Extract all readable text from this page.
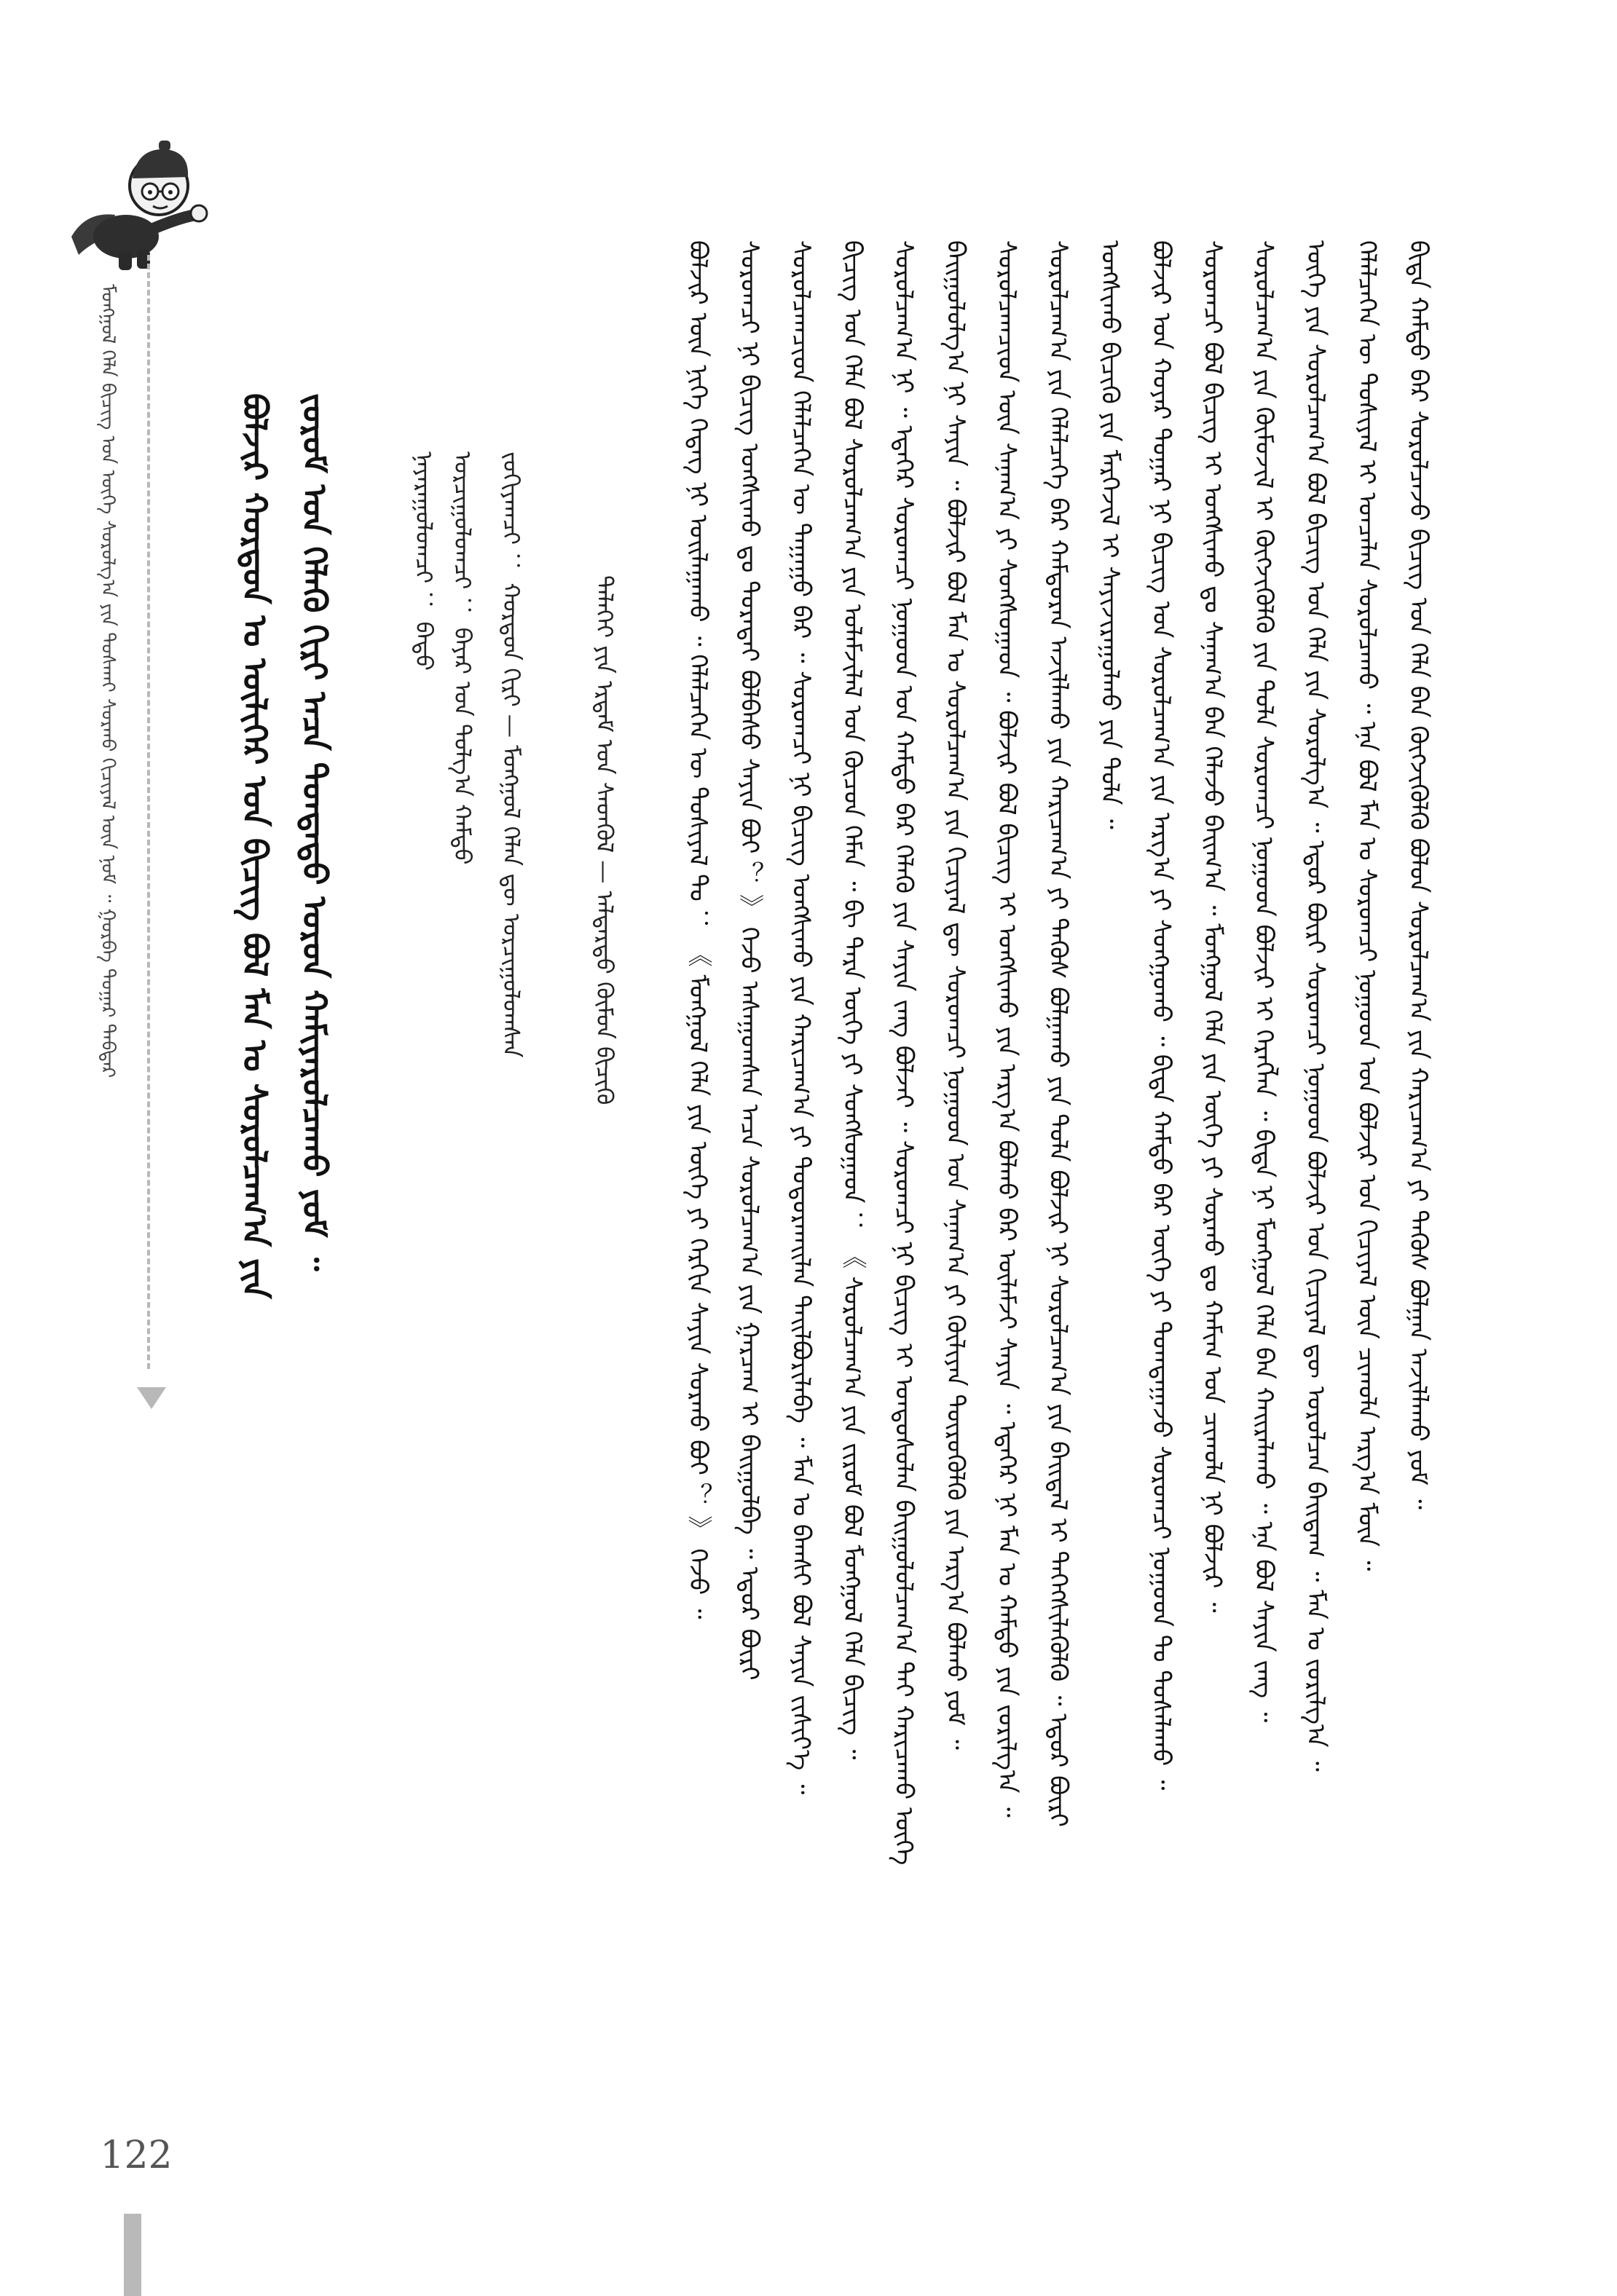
ᠮᠣᠩᠭᠣᠯ ᠬᠡᠯᠡ ᠪᠢᠴᠢᠭ ᠤᠨ ᠦᠭᠡ ᠰᠤᠷᠤᠯᠭ᠎ᠠ ᠶᠢᠨ ᠲᠤᠰᠬᠠᠢ ᠰᠤᠷᠬᠤ ᠬᠢᠴᠢᠶᠡᠯ ᠦᠨ ᠨᠣᠮ ᠃ ᠭᠤᠷᠪᠠ ᠳᠤᠭᠠᠷ ᠳᠡᠪᠲᠡᠷ	ᠪᠣᠯᠵᠢᠷ ᠬᠤᠷᠳᠤᠨ ᠤ ᠦᠯᠢᠭᠡᠷ ᠤᠨ ᠪᠢᠴᠢᠭ ᠪᠣᠯ ᠮᠠᠨ ᠤ ᠰᠤᠷᠤᠯᠴᠠᠭ᠎ᠠ ᠶᠢᠨ ᠵᠤᠷᠤᠮ ᠤᠨ ᠬᠡᠯᠡᠬᠦ ᠬᠢᠷᠢ ᠠᠴᠠ ᠳᠤᠨᠳᠠᠳᠤ ᠣᠷᠣᠨ ᠬᠠᠮᠢᠶᠠᠷᠤᠯᠴᠠᠬᠤ ᠶᠤᠮ ᠃	ᠨᠠᠶᠠᠷᠠᠭᠤᠯᠤᠭᠴᠢ ： ᠪᠠᠲᠤ ᠣᠷᠴᠢᠭᠤᠯᠤᠭᠴᠢ ： ᠪᠠᠶᠠᠷ ᠤᠨ ᠲᠤᠯᠭ᠎ᠠ ᠬᠠᠮᠲᠤ ᠵᠣᠬᠢᠶᠠᠭᠴᠢ ： ᠬᠤᠷᠳᠤᠨ ᠬᠢᠷᠢ — ᠮᠣᠩᠭᠣᠯ ᠬᠡᠯᠡᠨ ᠳᠦ ᠣᠷᠴᠢᠭᠤᠯᠤᠭᠰᠠᠨ	ᠳᠡᠯᠡᠬᠡᠢ ᠶᠢᠨ ᠡᠷᠳᠡᠮ ᠤᠨ ᠰᠡᠳᠬᠦᠯ — ᠠᠯᠳᠠᠷᠲᠤ ᠬᠦᠮᠦᠨ ᠪᠢᠴᠢᠬᠦ	ᠪᠣᠯᠵᠢᠷ ᠦᠨ ᠨᠢᠭᠡ ᠭᠡᠳᠡᠭ ᠨᠢ ᠣᠢᠯᠠᠭᠠᠬᠤ ᠃ ᠬᠡᠯᠡᠯᠴᠡᠭᠡᠨ ᠦ ᠲᠤᠰᠢᠶᠠᠯ ᠲᠤ ： 《 ᠮᠣᠩᠭᠣᠯ ᠬᠡᠯᠡ ᠶᠢᠨ ᠦᠭᠡ ᠶᠢ ᠬᠡᠷᠬᠢᠨ ᠰᠠᠶᠢᠨ ᠰᠤᠷᠬᠤ ᠪᠤᠢ ？ 》 ᠭᠡᠵᠦ ᠃ ᠰᠤᠷᠤᠭᠴᠢ ᠨᠢ ᠪᠢᠴᠢᠭ ᠤᠩᠰᠢᠬᠤ ᠳᠤ ᠳᠤᠷᠠᠲᠠᠢ ᠪᠣᠯᠪᠠᠰᠤ ᠰᠠᠶᠢᠨ ᠪᠤᠢ ？ 》 ᠭᠡᠵᠦ ᠠᠰᠠᠭᠤᠭᠰᠠᠨ ᠠᠴᠠ ᠰᠤᠷᠤᠯᠴᠠᠭ᠎ᠠ ᠶᠢᠨ ᠭᠠᠷᠴᠠᠭ ᠢ ᠪᠠᠢᠭᠤᠯᠪᠠ ᠃ ᠡᠳᠦᠷ ᠪᠦᠷᠢ ᠰᠤᠷᠤᠯᠴᠠᠭᠴᠢᠳ ᠬᠡᠯᠡᠯᠴᠡᠭᠡᠨ ᠦ ᠳᠠᠭᠠᠭᠤ ᠪᠡᠷ ᠃ ᠰᠤᠷᠤᠭᠴᠢ ᠨᠢ ᠪᠢᠴᠢᠭ ᠤᠩᠰᠢᠬᠤ ᠶᠢᠨ ᠬᠠᠷᠢᠴᠠᠭ᠎ᠠ ᠶᠢ ᠲᠣᠳᠣᠷᠬᠠᠢᠯᠠᠨ ᠲᠠᠢᠯᠪᠤᠷᠢᠯᠠᠪᠠ ᠃ ᠮᠠᠨ ᠤ ᠪᠠᠭᠰᠢ ᠪᠣᠯ ᠰᠠᠶᠢᠨ ᠵᠢᠱᠢᠶ᠎ᠡ ᠃ ᠪᠢᠴᠢᠭ ᠤᠨ ᠬᠡᠯᠡ ᠪᠣᠯ ᠰᠤᠷᠤᠯᠴᠠᠭ᠎ᠠ ᠶᠢᠨ ᠤᠯᠠᠮᠵᠢᠯᠠᠯ ᠤᠨ ᠬᠦᠴᠦᠨ ᠬᠡᠮᠡᠨ ᠃ ᠪᠢ ᠲᠡᠷᠡ ᠦᠭᠡ ᠶᠢ ᠰᠣᠩᠰᠣᠭᠠᠳ ： 《 ᠰᠤᠷᠤᠯᠴᠠᠭ᠎ᠠ ᠶᠢᠨ ᠵᠢᠷᠤᠮ ᠪᠣᠯ ᠮᠣᠩᠭᠣᠯ ᠬᠡᠯᠡ ᠪᠢᠴᠢᠭ ᠃ ᠰᠤᠷᠤᠯᠴᠠᠭ᠎ᠠ ᠨᠢ ᠃ ᠡᠳᠡᠭᠡᠷ ᠰᠤᠷᠤᠭᠴᠢ ᠨᠤᠭᠤᠳ ᠤᠨ ᠬᠠᠮᠲᠤ ᠪᠡᠷ ᠬᠡᠯᠡᠬᠦ ᠶᠢᠨ ᠰᠠᠶᠢᠨ ᠵᠠᠩ ᠪᠣᠯᠵᠠᠢ ᠃ ᠰᠤᠷᠤᠭᠴᠢ ᠨᠢ ᠪᠢᠴᠢᠭ ᠢ ᠤᠨᠳᠤᠰᠤᠯᠠᠨ ᠪᠠᠢᠭᠤᠯᠤᠯᠴᠠᠭ᠎ᠠ ᠲᠠᠢ ᠬᠠᠷᠢᠴᠠᠬᠤ ᠦᠭᠡ ᠪᠠᠢᠭᠤᠯᠤᠯᠭ᠎ᠠ ᠨᠢ ᠰᠠᠶᠢᠨ ᠃ ᠪᠣᠯᠵᠢᠷ ᠪᠣᠯ ᠮᠠᠨ ᠤ ᠰᠤᠷᠤᠯᠴᠠᠭ᠎ᠠ ᠶᠢᠨ ᠬᠢᠴᠢᠶᠡᠯ ᠳᠦ ᠰᠤᠷᠤᠭᠴᠢ ᠨᠤᠭᠤᠳ ᠤᠨ ᠰᠠᠨᠠᠭ᠎ᠠ ᠶᠢ ᠬᠦᠯᠢᠶᠡᠨ ᠲᠦᠷᠦᠭᠦᠯᠬᠦ ᠶᠢᠨ ᠠᠷᠭ᠎ᠠ ᠪᠣᠯᠬᠤ ᠶᠤᠮ ᠃ ᠰᠤᠷᠤᠯᠴᠠᠭᠴᠢᠳ ᠦᠨ ᠰᠠᠨᠠᠭ᠎ᠠ ᠶᠢ ᠰᠣᠩᠰᠣᠭᠠᠳ ᠃ ᠪᠣᠯᠵᠢᠷ ᠪᠣᠯ ᠪᠢᠴᠢᠭ ᠢ ᠤᠩᠰᠢᠬᠤ ᠶᠢᠨ ᠠᠷᠭ᠎ᠠ ᠪᠣᠯᠬᠤ ᠪᠠᠷ ᠦᠯᠡᠮᠵᠢ ᠰᠠᠶᠢᠨ ᠃ ᠡᠳᠡᠭᠡᠷ ᠨᠢ ᠮᠠᠨ ᠤ ᠬᠠᠮᠲᠤ ᠶᠢᠨ ᠵᠣᠷᠢᠯᠭ᠎ᠠ ᠃ ᠰᠤᠷᠤᠯᠴᠠᠭ᠎ᠠ ᠶᠢᠨ ᠬᠡᠯᠡᠯᠴᠡᠭᠡ ᠪᠡᠷ ᠬᠠᠮᠲᠤᠷᠠᠨ ᠠᠵᠢᠯᠯᠠᠬᠤ ᠶᠢᠨ ᠬᠠᠷᠢᠴᠠᠭ᠎ᠠ ᠶᠢ ᠲᠡᠭᠦᠰ ᠪᠣᠯᠭᠠᠬᠤ ᠶᠢᠨ ᠲᠤᠯᠠ ᠪᠣᠯᠵᠢᠷ ᠨᠢ ᠰᠤᠷᠤᠯᠴᠠᠭ᠎ᠠ ᠶᠢᠨ ᠪᠠᠢᠳᠠᠯ ᠢ ᠳᠡᠭᠡᠭᠰᠢᠯᠡᠭᠦᠯᠬᠦ ᠃ ᠡᠳᠦᠷ ᠪᠦᠷᠢ ᠤᠩᠰᠢᠬᠤ ᠪᠢᠴᠢᠬᠦ ᠶᠢᠨ ᠮᠡᠷᠭᠡᠵᠢᠯ ᠢ ᠰᠠᠶᠢᠵᠢᠷᠠᠭᠤᠯᠬᠤ ᠶᠢᠨ ᠲᠤᠯᠠ ᠃ ᠪᠣᠯᠵᠢᠷ ᠤᠨ ᠬᠣᠶᠠᠷ ᠳᠤᠭᠠᠷ ᠨᠢ ᠪᠢᠴᠢᠭ ᠤᠨ ᠰᠤᠷᠤᠯᠴᠠᠭ᠎ᠠ ᠶᠢᠨ ᠠᠷᠭ᠎ᠠ ᠶᠢ ᠰᠣᠩᠭᠣᠬᠤ ᠃ ᠪᠢᠳᠡ ᠬᠠᠮᠲᠤ ᠪᠡᠷ ᠦᠭᠡ ᠶᠢ ᠲᠣᠭᠲᠠᠭᠠᠵᠤ ᠰᠤᠷᠤᠭᠴᠢ ᠨᠤᠭᠤᠳ ᠲᠤ ᠲᠤᠰᠠᠯᠠᠬᠤ ᠃ ᠰᠤᠷᠤᠭᠴᠢ ᠪᠣᠯ ᠪᠢᠴᠢᠭ ᠢ ᠤᠩᠰᠢᠬᠤ ᠳᠤ ᠰᠠᠨᠠᠭ᠎ᠠ ᠪᠡᠨ ᠬᠡᠯᠡᠵᠦ ᠪᠠᠢᠭ᠎ᠠ ᠃ ᠮᠣᠩᠭᠣᠯ ᠬᠡᠯᠡ ᠶᠢᠨ ᠦᠭᠡ ᠶᠢ ᠰᠤᠷᠬᠤ ᠳᠤ ᠬᠠᠮᠢᠭ ᠤᠨ ᠴᠢᠬᠤᠯᠠ ᠨᠢ ᠪᠣᠯᠵᠢᠷ ᠃ ᠰᠤᠷᠤᠯᠴᠠᠭ᠎ᠠ ᠶᠢᠨ ᠬᠦᠮᠦᠵᠢᠯ ᠢ ᠬᠦᠭᠵᠢᠭᠦᠯᠬᠦ ᠶᠢᠨ ᠲᠤᠯᠠ ᠰᠤᠷᠤᠭᠴᠢ ᠨᠤᠭᠤᠳ ᠪᠣᠯᠵᠢᠷ ᠢ ᠬᠡᠷᠡᠭᠯᠡᠨ ᠃ ᠪᠢᠳᠡ ᠨᠢ ᠮᠣᠩᠭᠣᠯ ᠬᠡᠯᠡ ᠪᠡᠨ ᠬᠠᠢᠷᠠᠯᠠᠬᠤ ᠃ ᠡᠨᠡ ᠪᠣᠯ ᠰᠠᠶᠢᠨ ᠵᠠᠩ ᠃ ᠦᠭᠡ ᠶᠢᠨ ᠰᠤᠷᠤᠯᠴᠠᠭ᠎ᠠ ᠪᠣᠯ ᠪᠢᠴᠢᠭ ᠤᠨ ᠬᠡᠯᠡ ᠶᠢᠨ ᠰᠤᠷᠤᠯᠭ᠎ᠠ ᠃ ᠡᠳᠦᠷ ᠪᠦᠷᠢ ᠰᠤᠷᠤᠭᠴᠢ ᠨᠤᠭᠤᠳ ᠪᠣᠯᠵᠢᠷ ᠤᠨ ᠬᠢᠴᠢᠶᠡᠯ ᠳᠦ ᠣᠷᠣᠯᠴᠠᠨ ᠪᠠᠢᠳᠠᠭ ᠃ ᠮᠠᠨ ᠤ ᠵᠣᠷᠢᠯᠭ᠎ᠠ ᠃ ᠬᠡᠯᠡᠯᠴᠡᠭᠡᠨ ᠦ ᠲᠤᠰᠢᠶᠠᠯ ᠢ ᠣᠨᠴᠠᠯᠠᠨ ᠰᠤᠷᠤᠯᠴᠠᠬᠤ ᠃ ᠡᠨᠡ ᠪᠣᠯ ᠮᠠᠨ ᠤ ᠰᠤᠷᠤᠭᠴᠢ ᠨᠤᠭᠤᠳ ᠤᠨ ᠪᠣᠯᠵᠢᠷ ᠤᠨ ᠬᠢᠴᠢᠶᠡᠯ ᠦᠨ ᠴᠢᠬᠤᠯᠠ ᠠᠷᠭ᠎ᠠ ᠮᠥᠨ ᠃ ᠪᠢᠳᠡ ᠬᠠᠮᠲᠤ ᠪᠡᠷ ᠰᠤᠷᠤᠯᠴᠠᠵᠤ ᠪᠢᠴᠢᠭ ᠤᠨ ᠬᠡᠯᠡ ᠪᠡᠨ ᠬᠥᠭᠵᠢᠭᠦᠯᠬᠦ ᠪᠣᠯᠤᠨ ᠰᠤᠷᠤᠯᠴᠠᠭ᠎ᠠ ᠶᠢᠨ ᠬᠠᠷᠢᠴᠠᠭ᠎ᠠ ᠶᠢ ᠲᠡᠭᠦᠰ ᠪᠣᠯᠭᠠᠨ ᠠᠵᠢᠯᠯᠠᠬᠤ ᠶᠤᠮ ᠃
122
